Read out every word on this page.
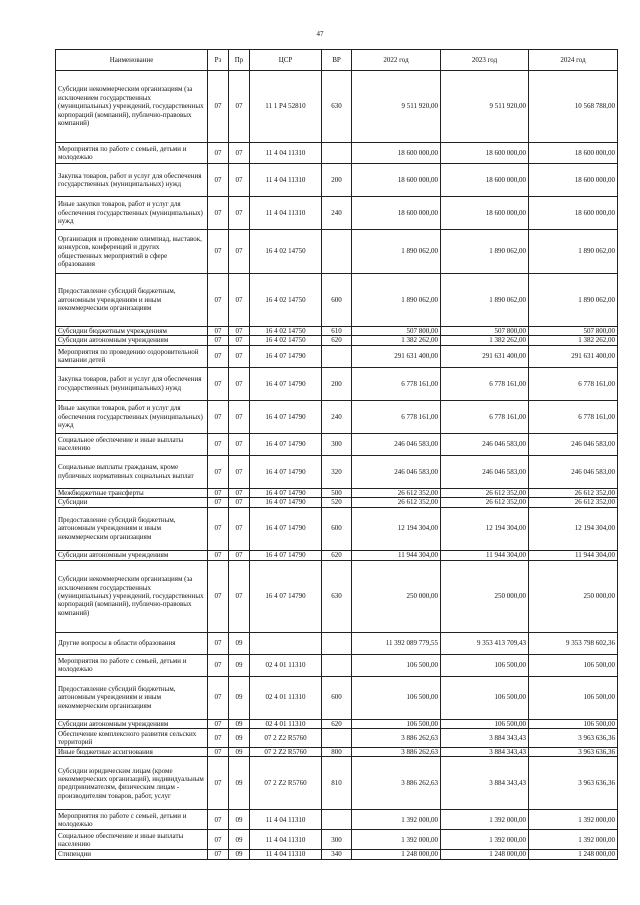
47
Наименование	Рз	Пр	ЦСР	ВР	2022 год	2023 год	2024 год
Субсидии некоммерческим организациям (за исключением государственных (муниципальных) учреждений, государственных корпораций (компаний), публично-правовых компаний)	07	07	11 1 P4 52810	630	9 511 920,00	9 511 920,00	10 568 788,00
Мероприятия по работе с семьей, детьми и молодежью	07	07	11 4 04 11310		18 600 000,00	18 600 000,00	18 600 000,00
Закупка товаров, работ и услуг для обеспечения государственных (муниципальных) нужд	07	07	11 4 04 11310	200	18 600 000,00	18 600 000,00	18 600 000,00
Иные закупки товаров, работ и услуг для обеспечения государственных (муниципальных) нужд	07	07	11 4 04 11310	240	18 600 000,00	18 600 000,00	18 600 000,00
Организация и проведение олимпиад, выставок, конкурсов, конференций и других общественных мероприятий в сфере образования	07	07	16 4 02 14750		1 890 062,00	1 890 062,00	1 890 062,00
Предоставление субсидий бюджетным, автономным учреждениям и иным некоммерческим организациям	07	07	16 4 02 14750	600	1 890 062,00	1 890 062,00	1 890 062,00
Субсидии бюджетным учреждениям	07	07	16 4 02 14750	610	507 800,00	507 800,00	507 800,00
Субсидии автономным учреждениям	07	07	16 4 02 14750	620	1 382 262,00	1 382 262,00	1 382 262,00
Мероприятия по проведению оздоровительной кампании детей	07	07	16 4 07 14790		291 631 400,00	291 631 400,00	291 631 400,00
Закупка товаров, работ и услуг для обеспечения государственных (муниципальных) нужд	07	07	16 4 07 14790	200	6 778 161,00	6 778 161,00	6 778 161,00
Иные закупки товаров, работ и услуг для обеспечения государственных (муниципальных) нужд	07	07	16 4 07 14790	240	6 778 161,00	6 778 161,00	6 778 161,00
Социальное обеспечение и иные выплаты населению	07	07	16 4 07 14790	300	246 046 583,00	246 046 583,00	246 046 583,00
Социальные выплаты гражданам, кроме публичных нормативных социальных выплат	07	07	16 4 07 14790	320	246 046 583,00	246 046 583,00	246 046 583,00
Межбюджетные трансферты	07	07	16 4 07 14790	500	26 612 352,00	26 612 352,00	26 612 352,00
Субсидии	07	07	16 4 07 14790	520	26 612 352,00	26 612 352,00	26 612 352,00
Предоставление субсидий бюджетным, автономным учреждениям и иным некоммерческим организациям	07	07	16 4 07 14790	600	12 194 304,00	12 194 304,00	12 194 304,00
Субсидии автономным учреждениям	07	07	16 4 07 14790	620	11 944 304,00	11 944 304,00	11 944 304,00
Субсидии некоммерческим организациям (за исключением государственных (муниципальных) учреждений, государственных корпораций (компаний), публично-правовых компаний)	07	07	16 4 07 14790	630	250 000,00	250 000,00	250 000,00
Другие вопросы в области образования	07	09			11 392 089 779,55	9 353 413 709,43	9 353 798 602,36
Мероприятия по работе с семьей, детьми и молодежью	07	09	02 4 01 11310		106 500,00	106 500,00	106 500,00
Предоставление субсидий бюджетным, автономным учреждениям и иным некоммерческим организациям	07	09	02 4 01 11310	600	106 500,00	106 500,00	106 500,00
Субсидии автономным учреждениям	07	09	02 4 01 11310	620	106 500,00	106 500,00	106 500,00
Обеспечение комплексного развития сельских территорий	07	09	07 2 Z2 R5760		3 886 262,63	3 884 343,43	3 963 636,36
Иные бюджетные ассигнования	07	09	07 2 Z2 R5760	800	3 886 262,63	3 884 343,43	3 963 636,36
Субсидии юридическим лицам (кроме некоммерческих организаций), индивидуальным предпринимателям, физическим лицам - производителям товаров, работ, услуг	07	09	07 2 Z2 R5760	810	3 886 262,63	3 884 343,43	3 963 636,36
Мероприятия по работе с семьей, детьми и молодежью	07	09	11 4 04 11310		1 392 000,00	1 392 000,00	1 392 000,00
Социальное обеспечение и иные выплаты населению	07	09	11 4 04 11310	300	1 392 000,00	1 392 000,00	1 392 000,00
Стипендии	07	09	11 4 04 11310	340	1 248 000,00	1 248 000,00	1 248 000,00
